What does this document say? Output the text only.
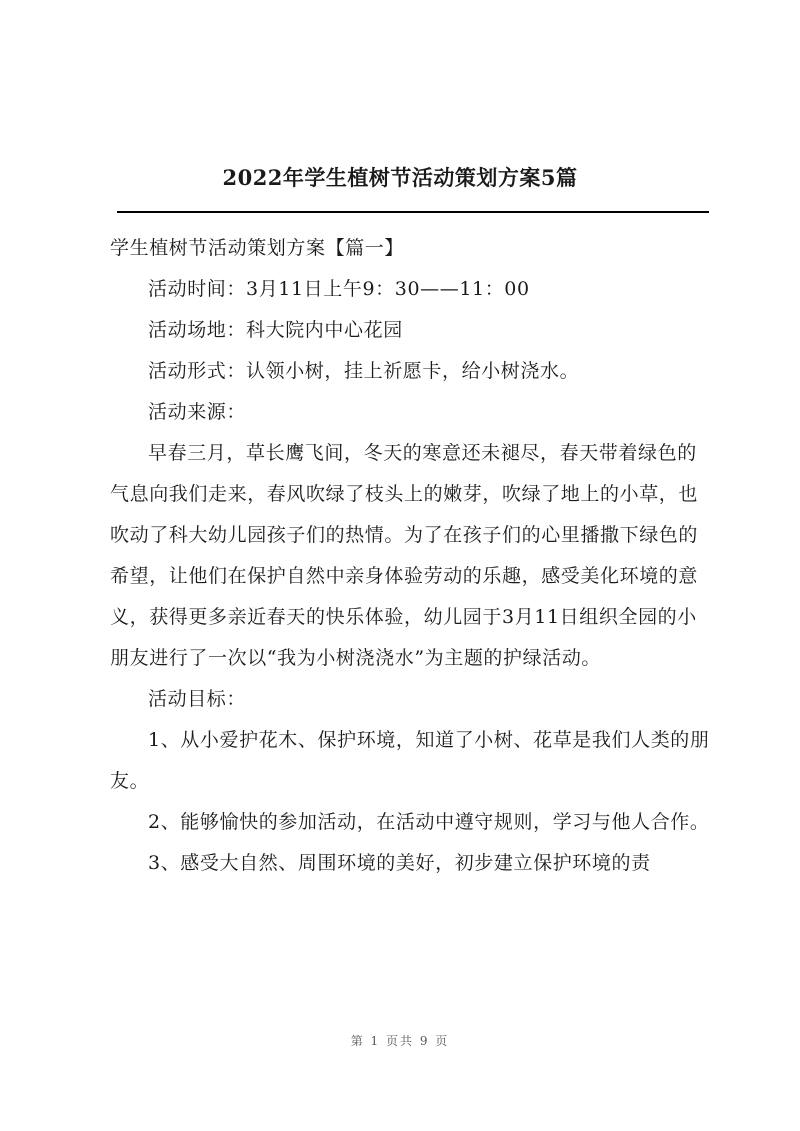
2022年学生植树节活动策划方案5篇

学生植树节活动策划方案【篇一】

活动时间：3月11日上午9：30——11：00

活动场地：科大院内中心花园

活动形式：认领小树，挂上祈愿卡，给小树浇水。

活动来源：

早春三月，草长鹰飞间，冬天的寒意还未褪尽，春天带着绿色的气息向我们走来，春风吹绿了枝头上的嫩芽，吹绿了地上的小草，也吹动了科大幼儿园孩子们的热情。为了在孩子们的心里播撒下绿色的希望，让他们在保护自然中亲身体验劳动的乐趣，感受美化环境的意义，获得更多亲近春天的快乐体验，幼儿园于3月11日组织全园的小朋友进行了一次以“我为小树浇浇水”为主题的护绿活动。

活动目标：

1、从小爱护花木、保护环境，知道了小树、花草是我们人类的朋友。

2、能够愉快的参加活动，在活动中遵守规则，学习与他人合作。

3、感受大自然、周围环境的美好，初步建立保护环境的责

第 1 页共 9 页
